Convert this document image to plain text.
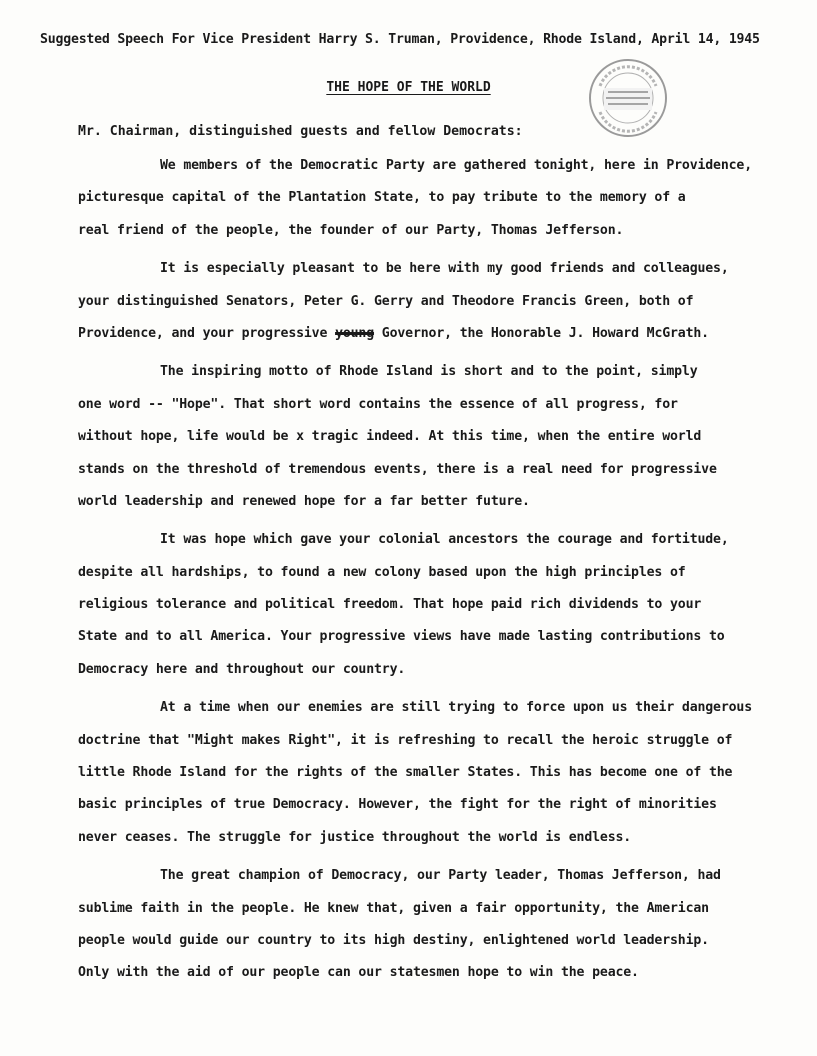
Suggested Speech For Vice President Harry S. Truman, Providence, Rhode Island, April 14, 1945
THE HOPE OF THE WORLD
Mr. Chairman, distinguished guests and fellow Democrats:
We members of the Democratic Party are gathered tonight, here in Providence,
picturesque capital of the Plantation State, to pay tribute to the memory of a
real friend of the people, the founder of our Party, Thomas Jefferson.
It is especially pleasant to be here with my good friends and colleagues,
your distinguished Senators, Peter G. Gerry and Theodore Francis Green, both of
Providence, and your progressive young Governor, the Honorable J. Howard McGrath.
The inspiring motto of Rhode Island is short and to the point, simply
one word -- "Hope". That short word contains the essence of all progress, for
without hope, life would be x tragic indeed. At this time, when the entire world
stands on the threshold of tremendous events, there is a real need for progressive
world leadership and renewed hope for a far better future.
It was hope which gave your colonial ancestors the courage and fortitude,
despite all hardships, to found a new colony based upon the high principles of
religious tolerance and political freedom. That hope paid rich dividends to your
State and to all America. Your progressive views have made lasting contributions to
Democracy here and throughout our country.
At a time when our enemies are still trying to force upon us their dangerous
doctrine that "Might makes Right", it is refreshing to recall the heroic struggle of
little Rhode Island for the rights of the smaller States. This has become one of the
basic principles of true Democracy. However, the fight for the right of minorities
never ceases. The struggle for justice throughout the world is endless.
The great champion of Democracy, our Party leader, Thomas Jefferson, had
sublime faith in the people. He knew that, given a fair opportunity, the American
people would guide our country to its high destiny, enlightened world leadership.
Only with the aid of our people can our statesmen hope to win the peace.
